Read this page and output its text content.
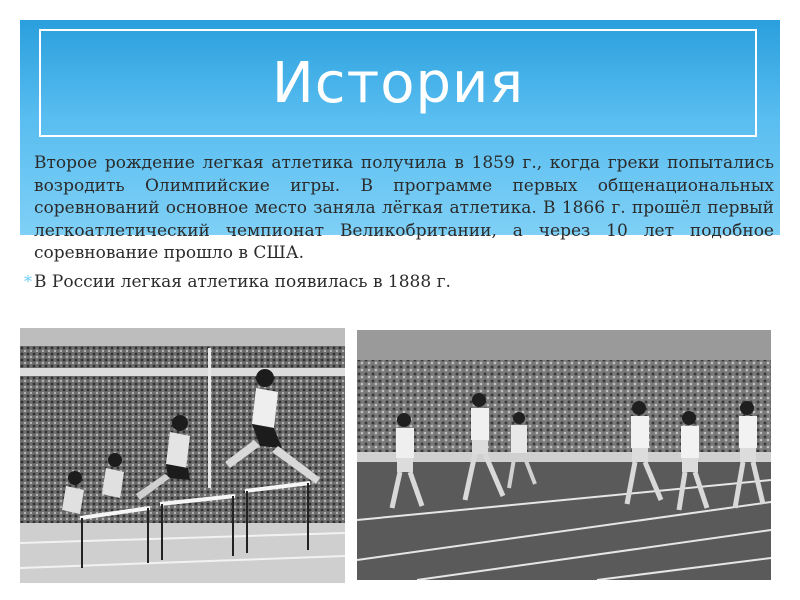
История
Второе рождение легкая атлетика получила в 1859 г., когда греки попытались возродить Олимпийские игры. В программе первых общенациональных соревнований основное место заняла лёгкая атлетика. В 1866 г. прошёл первый легкоатлетический чемпионат Великобритании, а через 10 лет подобное соревнование прошло в США.
* В России легкая атлетика появилась в 1888 г.
